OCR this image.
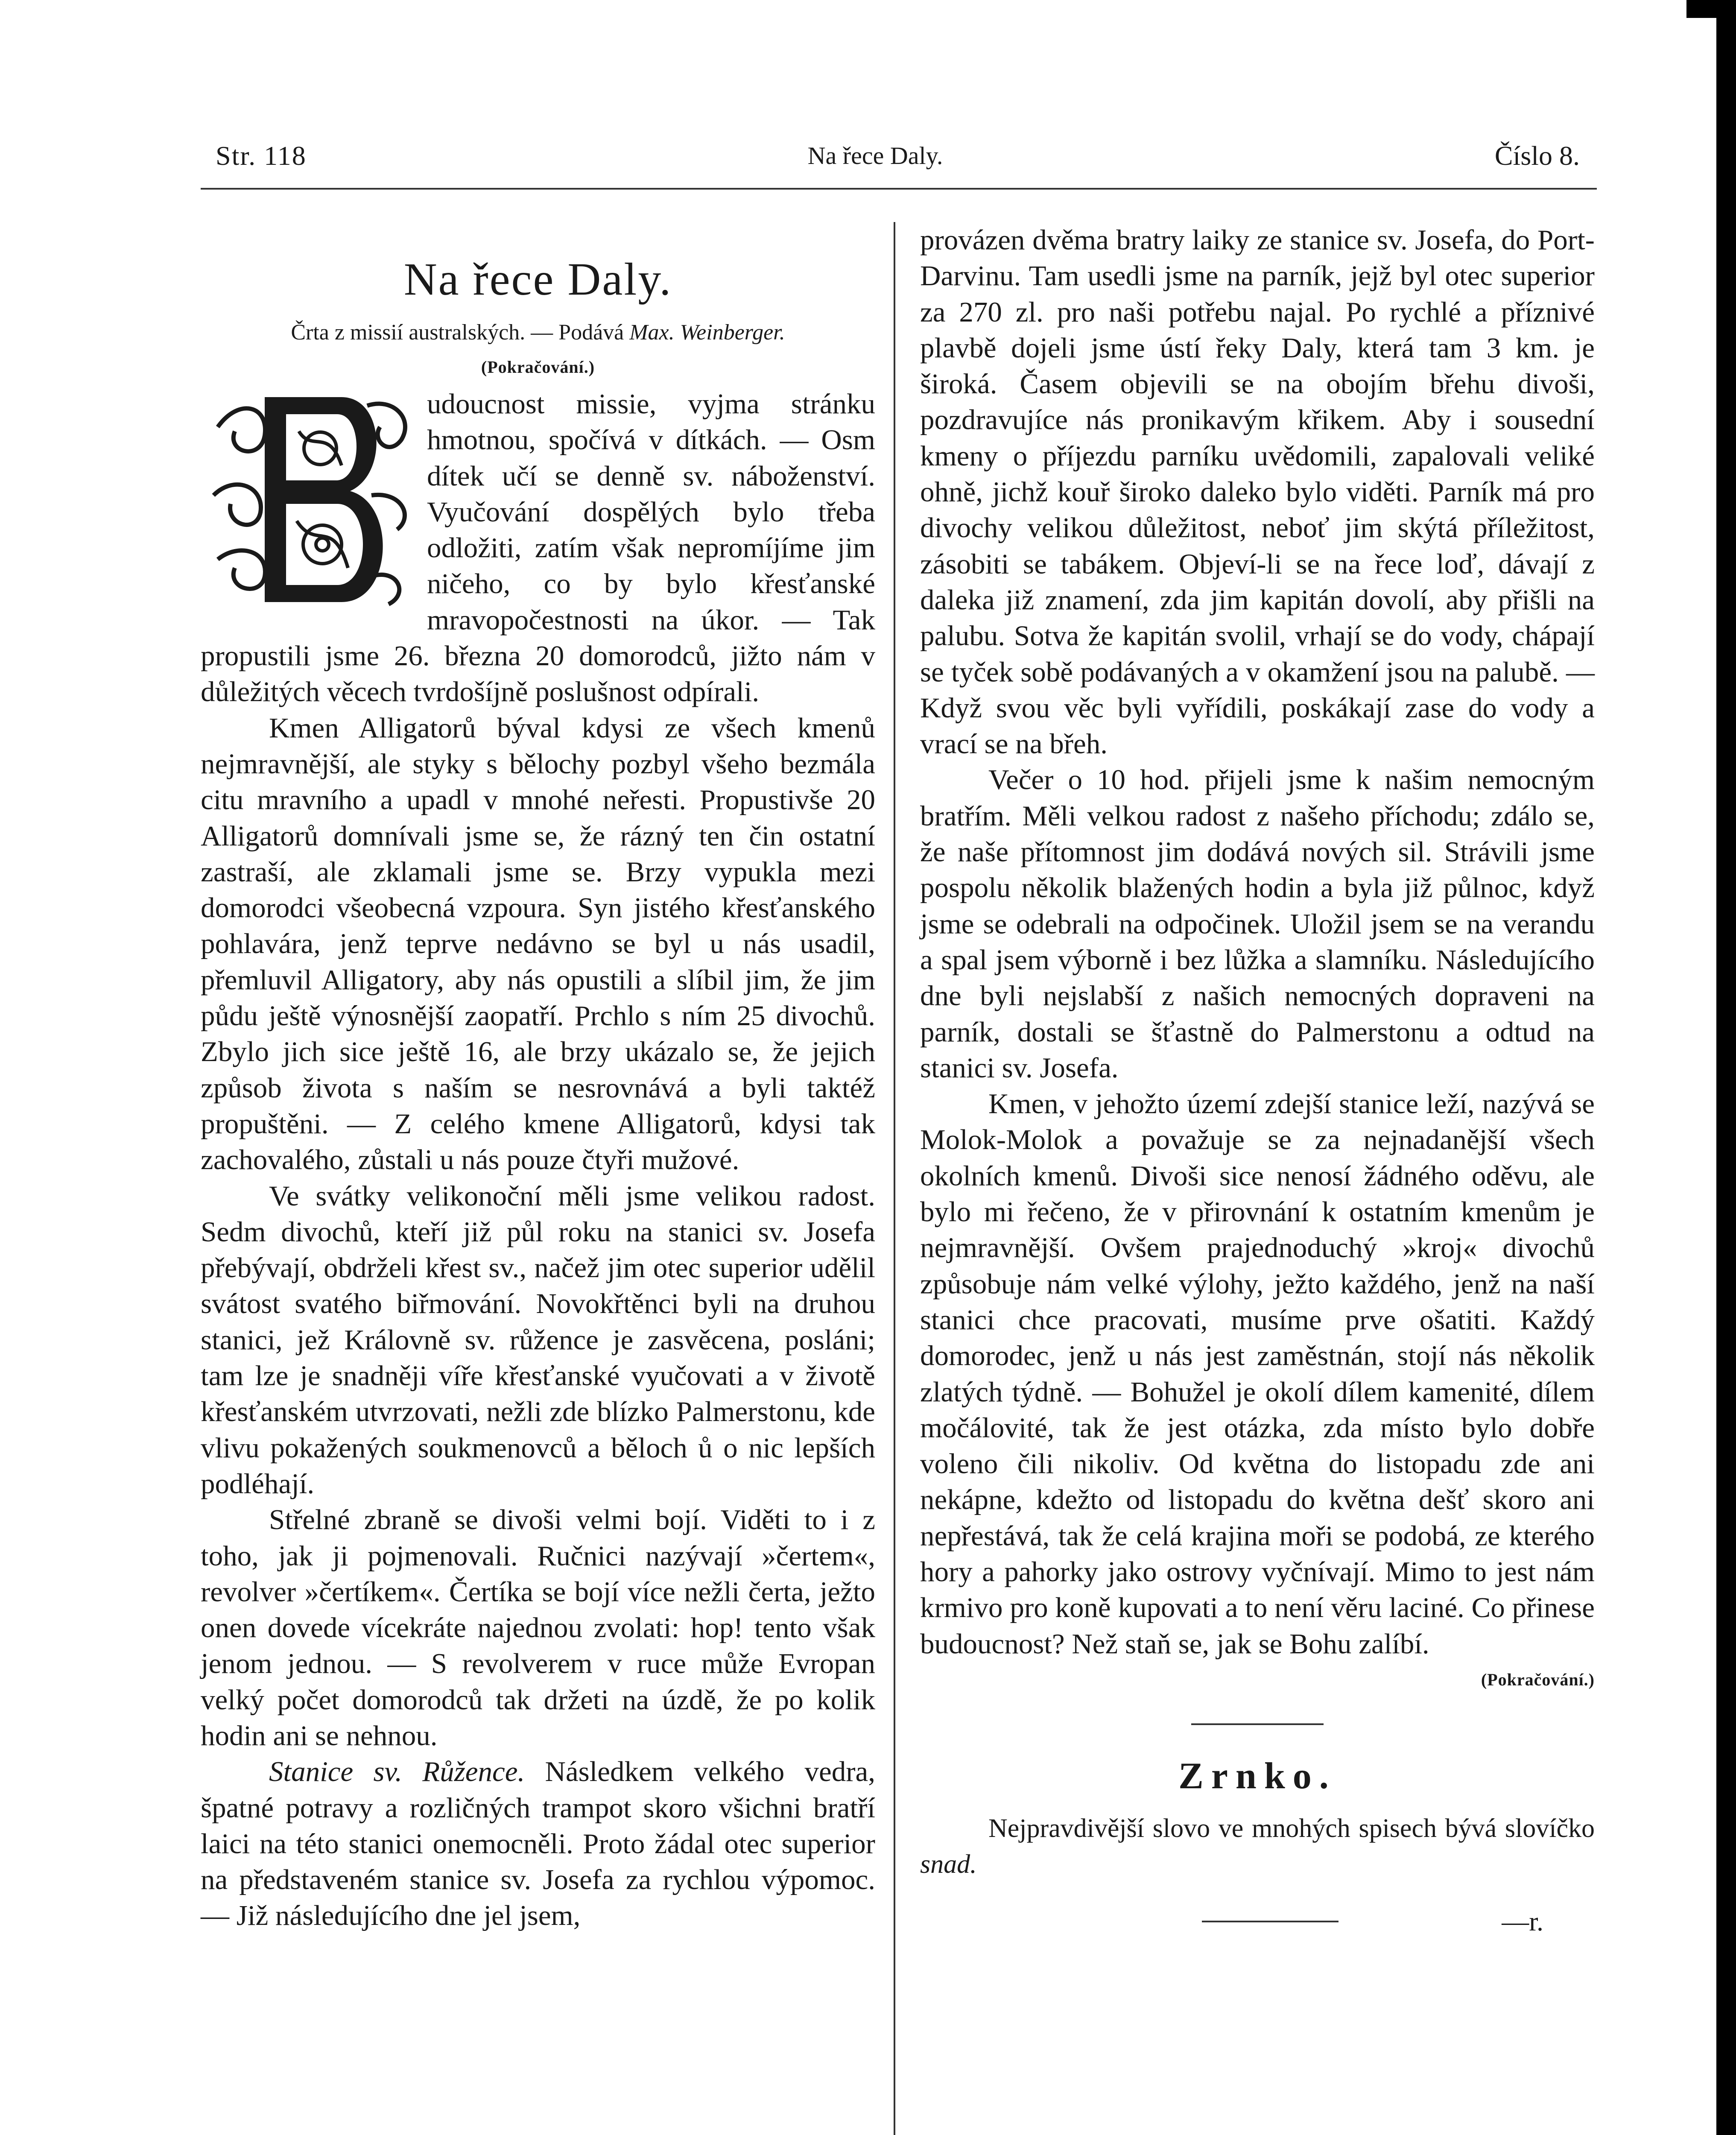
Str. 118	Na řece Daly.	Číslo 8.
Na řece Daly.
Črta z missií australských. — Podává Max. Weinberger.
(Pokračování.)
B

udoucnost missie, vyjma stránku hmotnou, spočívá v dítkách. — Osm dítek učí se denně sv. náboženství. Vyučování dospělých bylo třeba odložiti, zatím však nepromíjíme jim ničeho, co by bylo křesťanské mravopočestnosti na úkor. — Tak propustili jsme 26. března 20 domorodců, jižto nám v důležitých věcech tvrdošíjně poslušnost odpírali.

Kmen Alligatorů býval kdysi ze všech kmenů nejmravnější, ale styky s bělochy pozbyl všeho bezmála citu mravního a upadl v mnohé neřesti. Propustivše 20 Alligatorů domnívali jsme se, že rázný ten čin ostatní zastraší, ale zklamali jsme se. Brzy vypukla mezi domorodci všeobecná vzpoura. Syn jistého křesťanského pohlavára, jenž teprve nedávno se byl u nás usadil, přemluvil Alligatory, aby nás opustili a slíbil jim, že jim půdu ještě výnosnější zaopatří. Prchlo s ním 25 divochů. Zbylo jich sice ještě 16, ale brzy ukázalo se, že jejich způsob života s naším se nesrovnává a byli taktéž propuštěni. — Z celého kmene Alligatorů, kdysi tak zachovalého, zůstali u nás pouze čtyři mužové.

Ve svátky velikonoční měli jsme velikou radost. Sedm divochů, kteří již půl roku na stanici sv. Josefa přebývají, obdrželi křest sv., načež jim otec superior udělil svátost svatého biřmování. Novokřtěnci byli na druhou stanici, jež Královně sv. růžence je zasvěcena, posláni; tam lze je snadněji víře křesťanské vyučovati a v životě křesťanském utvrzovati, nežli zde blízko Palmerstonu, kde vlivu pokažených soukmenovců a běloch ů o nic lepších podléhají.

Střelné zbraně se divoši velmi bojí. Viděti to i z toho, jak ji pojmenovali. Ručnici nazývají »čertem«, revolver »čertíkem«. Čertíka se bojí více nežli čerta, ježto onen dovede vícekráte najednou zvolati: hop! tento však jenom jednou. — S revolverem v ruce může Evropan velký počet domorodců tak držeti na úzdě, že po kolik hodin ani se nehnou.

Stanice sv. Růžence. Následkem velkého vedra, špatné potravy a rozličných trampot skoro všichni bratří laici na této stanici onemocněli. Proto žádal otec superior na představeném stanice sv. Josefa za rychlou výpomoc. — Již následujícího dne jel jsem,

provázen dvěma bratry laiky ze stanice sv. Josefa, do Port-Darvinu. Tam usedli jsme na parník, jejž byl otec superior za 270 zl. pro naši potřebu najal. Po rychlé a příznivé plavbě dojeli jsme ústí řeky Daly, která tam 3 km. je široká. Časem objevili se na obojím břehu divoši, pozdravujíce nás pronikavým křikem. Aby i sousední kmeny o příjezdu parníku uvědomili, zapalovali veliké ohně, jichž kouř široko daleko bylo viděti. Parník má pro divochy velikou důležitost, neboť jim skýtá příležitost, zásobiti se tabákem. Objeví-li se na řece loď, dávají z daleka již znamení, zda jim kapitán dovolí, aby přišli na palubu. Sotva že kapitán svolil, vrhají se do vody, chápají se tyček sobě podávaných a v okamžení jsou na palubě. — Když svou věc byli vyřídili, poskákají zase do vody a vrací se na břeh.

Večer o 10 hod. přijeli jsme k našim nemocným bratřím. Měli velkou radost z našeho příchodu; zdálo se, že naše přítomnost jim dodává nových sil. Strávili jsme pospolu několik blažených hodin a byla již půlnoc, když jsme se odebrali na odpočinek. Uložil jsem se na verandu a spal jsem výborně i bez lůžka a slamníku. Následujícího dne byli nejslabší z našich nemocných dopraveni na parník, dostali se šťastně do Palmerstonu a odtud na stanici sv. Josefa.

Kmen, v jehožto území zdejší stanice leží, nazývá se Molok-Molok a považuje se za nejnadanější všech okolních kmenů. Divoši sice nenosí žádného oděvu, ale bylo mi řečeno, že v přirovnání k ostatním kmenům je nejmravnější. Ovšem prajednoduchý »kroj« divochů způsobuje nám velké výlohy, ježto každého, jenž na naší stanici chce pracovati, musíme prve ošatiti. Každý domorodec, jenž u nás jest zaměstnán, stojí nás několik zlatých týdně. — Bohužel je okolí dílem kamenité, dílem močálovité, tak že jest otázka, zda místo bylo dobře voleno čili nikoliv. Od května do listopadu zde ani nekápne, kdežto od listopadu do května dešť skoro ani nepřestává, tak že celá krajina moři se podobá, ze kterého hory a pahorky jako ostrovy vyčnívají. Mimo to jest nám krmivo pro koně kupovati a to není věru laciné. Co přinese budoucnost? Než staň se, jak se Bohu zalíbí.
(Pokračování.)

Zrnko.

Nejpravdivější slovo ve mnohých spisech bývá slovíčko snad.

—r.
